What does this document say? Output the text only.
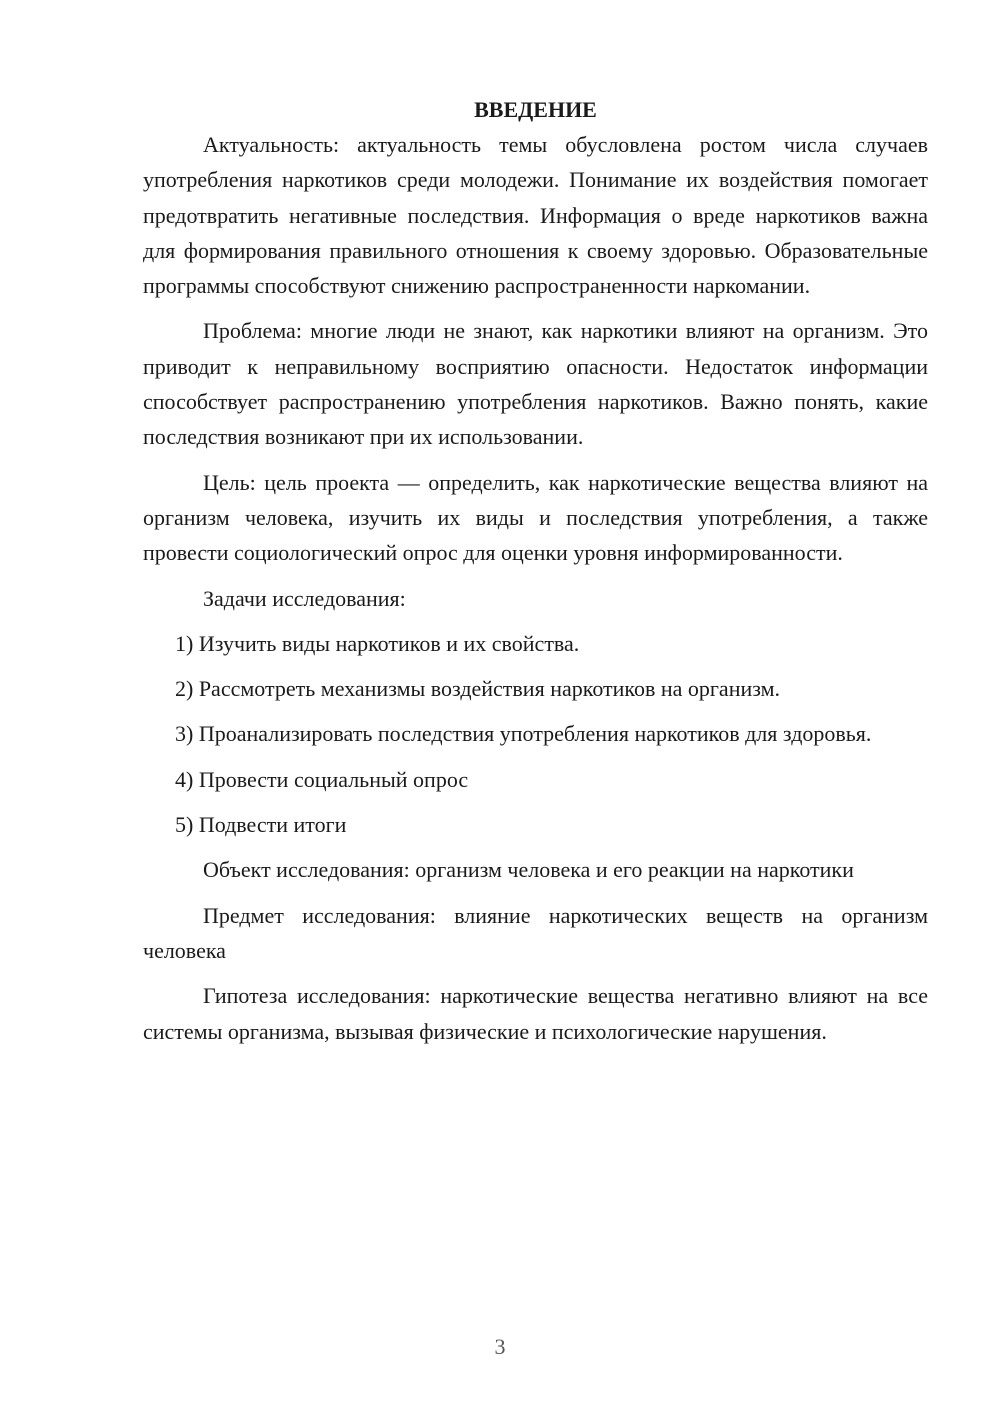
ВВЕДЕНИЕ

Актуальность: актуальность темы обусловлена ростом числа случаев употребления наркотиков среди молодежи. Понимание их воздействия помогает предотвратить негативные последствия. Информация о вреде наркотиков важна для формирования правильного отношения к своему здоровью. Образовательные программы способствуют снижению распространенности наркомании.

Проблема: многие люди не знают, как наркотики влияют на организм. Это приводит к неправильному восприятию опасности. Недостаток информации способствует распространению употребления наркотиков. Важно понять, какие последствия возникают при их использовании.

Цель: цель проекта — определить, как наркотические вещества влияют на организм человека, изучить их виды и последствия употребления, а также провести социологический опрос для оценки уровня информированности.

Задачи исследования:

1) Изучить виды наркотиков и их свойства.

2) Рассмотреть механизмы воздействия наркотиков на организм.

3) Проанализировать последствия употребления наркотиков для здоровья.

4) Провести социальный опрос

5) Подвести итоги

Объект исследования: организм человека и его реакции на наркотики

Предмет исследования: влияние наркотических веществ на организм человека

Гипотеза исследования: наркотические вещества негативно влияют на все системы организма, вызывая физические и психологические нарушения.

3
